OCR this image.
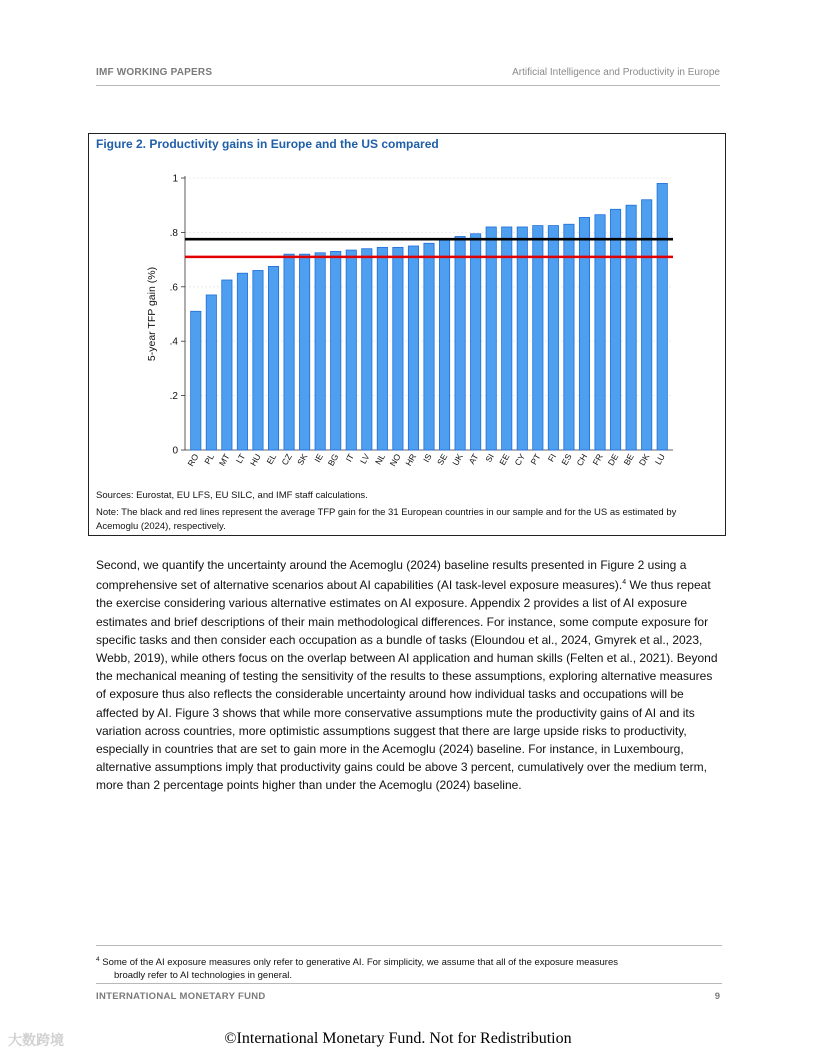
IMF WORKING PAPERS	Artificial Intelligence and Productivity in Europe
Figure 2. Productivity gains in Europe and the US compared
0
.2
.4
.6
.8
1
5-year TFP gain (%)
RO PL MT LT HU EL CZ SK IE BG IT LV NL NO HR IS SE UK AT SI EE CY PT FI ES CH FR DE BE DK LU
Sources: Eurostat, EU LFS, EU SILC, and IMF staff calculations.
Note: The black and red lines represent the average TFP gain for the 31 European countries in our sample and for the US as estimated by Acemoglu (2024), respectively.
Second, we quantify the uncertainty around the Acemoglu (2024) baseline results presented in Figure 2 using a comprehensive set of alternative scenarios about AI capabilities (AI task-level exposure measures).$^4$ We thus repeat the exercise considering various alternative estimates on AI exposure. Appendix 2 provides a list of AI exposure estimates and brief descriptions of their main methodological differences. For instance, some compute exposure for specific tasks and then consider each occupation as a bundle of tasks (Eloundou et al., 2024, Gmyrek et al., 2023, Webb, 2019), while others focus on the overlap between AI application and human skills (Felten et al., 2021). Beyond the mechanical meaning of testing the sensitivity of the results to these assumptions, exploring alternative measures of exposure thus also reflects the considerable uncertainty around how individual tasks and occupations will be affected by AI. Figure 3 shows that while more conservative assumptions mute the productivity gains of AI and its variation across countries, more optimistic assumptions suggest that there are large upside risks to productivity, especially in countries that are set to gain more in the Acemoglu (2024) baseline. For instance, in Luxembourg, alternative assumptions imply that productivity gains could be above 3 percent, cumulatively over the medium term, more than 2 percentage points higher than under the Acemoglu (2024) baseline.
$^4$ Some of the AI exposure measures only refer to generative AI. For simplicity, we assume that all of the exposure measures
broadly refer to AI technologies in general.
INTERNATIONAL MONETARY FUND	9
大数跨境	©International Monetary Fund. Not for Redistribution
